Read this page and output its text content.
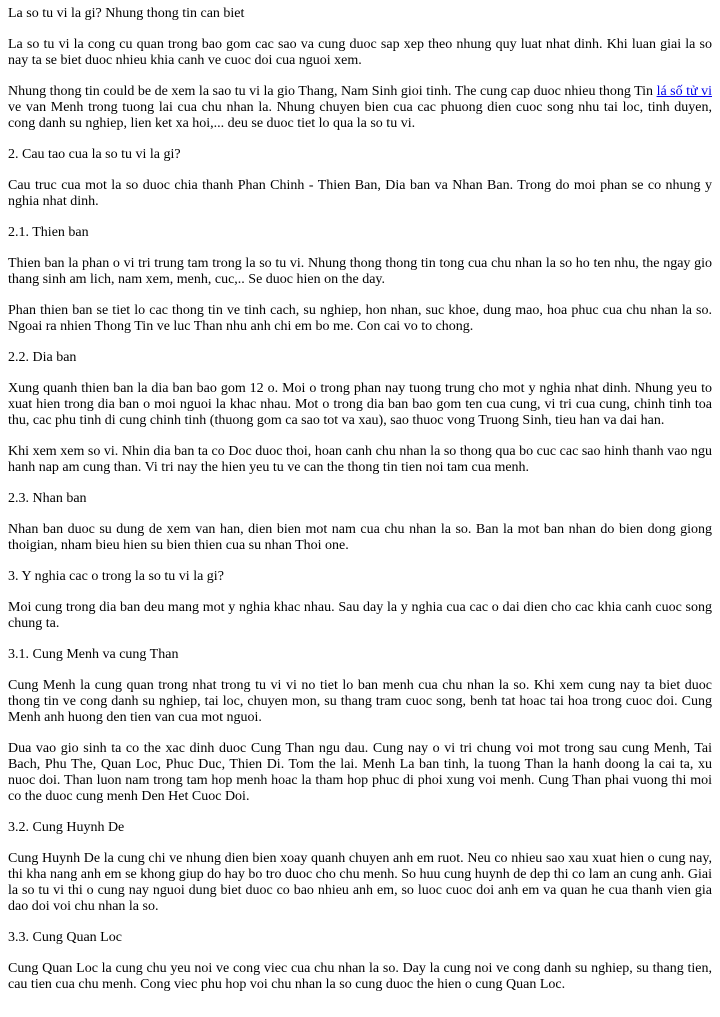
La so tu vi la gi? Nhung thong tin can biet

La so tu vi la cong cu quan trong bao gom cac sao va cung duoc sap xep theo nhung quy luat nhat dinh. Khi luan giai la so nay ta se biet duoc nhieu khia canh ve cuoc doi cua nguoi xem.

Nhung thong tin could be de xem la sao tu vi la gio Thang, Nam Sinh gioi tinh. The cung cap duoc nhieu thong Tin lá số tử vi ve van Menh trong tuong lai cua chu nhan la. Nhung chuyen bien cua cac phuong dien cuoc song nhu tai loc, tinh duyen, cong danh su nghiep, lien ket xa hoi,... deu se duoc tiet lo qua la so tu vi.

2. Cau tao cua la so tu vi la gi?

Cau truc cua mot la so duoc chia thanh Phan Chinh - Thien Ban, Dia ban va Nhan Ban. Trong do moi phan se co nhung y nghia nhat dinh.

2.1. Thien ban

Thien ban la phan o vi tri trung tam trong la so tu vi. Nhung thong thong tin tong cua chu nhan la so ho ten nhu, the ngay gio thang sinh am lich, nam xem, menh, cuc,.. Se duoc hien on the day.

Phan thien ban se tiet lo cac thong tin ve tinh cach, su nghiep, hon nhan, suc khoe, dung mao, hoa phuc cua chu nhan la so. Ngoai ra nhien Thong Tin ve luc Than nhu anh chi em bo me. Con cai vo to chong.

2.2. Dia ban

Xung quanh thien ban la dia ban bao gom 12 o. Moi o trong phan nay tuong trung cho mot y nghia nhat dinh. Nhung yeu to xuat hien trong dia ban o moi nguoi la khac nhau. Mot o trong dia ban bao gom ten cua cung, vi tri cua cung, chinh tinh toa thu, cac phu tinh di cung chinh tinh (thuong gom ca sao tot va xau), sao thuoc vong Truong Sinh, tieu han va dai han.

Khi xem xem so vi. Nhin dia ban ta co Doc duoc thoi, hoan canh chu nhan la so thong qua bo cuc cac sao hinh thanh vao ngu hanh nap am cung than. Vi tri nay the hien yeu tu ve can the thong tin tien noi tam cua menh.

2.3. Nhan ban

Nhan ban duoc su dung de xem van han, dien bien mot nam cua chu nhan la so. Ban la mot ban nhan do bien dong giong thoigian, nham bieu hien su bien thien cua su nhan Thoi one.

3. Y nghia cac o trong la so tu vi la gi?

Moi cung trong dia ban deu mang mot y nghia khac nhau. Sau day la y nghia cua cac o dai dien cho cac khia canh cuoc song chung ta.

3.1. Cung Menh va cung Than

Cung Menh la cung quan trong nhat trong tu vi vi no tiet lo ban menh cua chu nhan la so. Khi xem cung nay ta biet duoc thong tin ve cong danh su nghiep, tai loc, chuyen mon, su thang tram cuoc song, benh tat hoac tai hoa trong cuoc doi. Cung Menh anh huong den tien van cua mot nguoi.

Dua vao gio sinh ta co the xac dinh duoc Cung Than ngu dau. Cung nay o vi tri chung voi mot trong sau cung Menh, Tai Bach, Phu The, Quan Loc, Phuc Duc, Thien Di. Tom the lai. Menh La ban tinh, la tuong Than la hanh doong la cai ta, xu nuoc doi. Than luon nam trong tam hop menh hoac la tham hop phuc di phoi xung voi menh. Cung Than phai vuong thi moi co the duoc cung menh Den Het Cuoc Doi.

3.2. Cung Huynh De

Cung Huynh De la cung chi ve nhung dien bien xoay quanh chuyen anh em ruot. Neu co nhieu sao xau xuat hien o cung nay, thi kha nang anh em se khong giup do hay bo tro duoc cho chu menh. So huu cung huynh de dep thi co lam an cung anh. Giai la so tu vi thi o cung nay nguoi dung biet duoc co bao nhieu anh em, so luoc cuoc doi anh em va quan he cua thanh vien gia dao doi voi chu nhan la so.

3.3. Cung Quan Loc

Cung Quan Loc la cung chu yeu noi ve cong viec cua chu nhan la so. Day la cung noi ve cong danh su nghiep, su thang tien, cau tien cua chu menh. Cong viec phu hop voi chu nhan la so cung duoc the hien o cung Quan Loc.
